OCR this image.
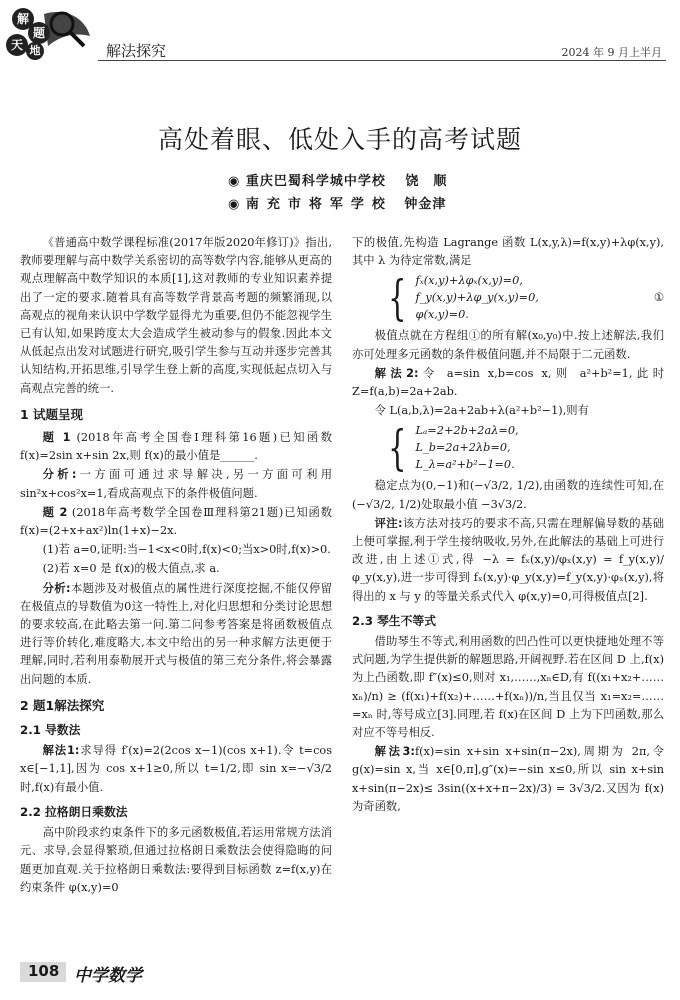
解
题
天 地	解法探究	2024 年 9 月上半月
高处着眼、低处入手的高考试题
◉ 重庆巴蜀科学城中学校 饶　顺
◉ 南充市将军学校 钟金津

《普通高中数学课程标准(2017年版2020年修订)》指出,教师要理解与高中数学关系密切的高等数学内容,能够从更高的观点理解高中数学知识的本质[1],这对教师的专业知识素养提出了一定的要求.随着具有高等数学背景高考题的频繁涌现,以高观点的视角来认识中学数学显得尤为重要,但仍不能忽视学生已有认知,如果跨度太大会造成学生被动参与的假象.因此本文从低起点出发对试题进行研究,吸引学生参与互动并逐步完善其认知结构,开拓思维,引导学生登上新的高度,实现低起点切入与高观点完善的统一.

1 试题呈现

题 1 (2018年高考全国卷Ⅰ理科第16题)已知函数 f(x)=2sin x+sin 2x,则 f(x)的最小值是______.

分析:一方面可通过求导解决,另一方面可利用 sin²x+cos²x=1,看成高观点下的条件极值问题.

题 2 (2018年高考数学全国卷Ⅲ理科第21题)已知函数 f(x)=(2+x+ax²)ln(1+x)−2x.

(1)若 a=0,证明:当−1<x<0时,f(x)<0;当x>0时,f(x)>0.

(2)若 x=0 是 f(x)的极大值点,求 a.

分析:本题涉及对极值点的属性进行深度挖掘,不能仅停留在极值点的导数值为0这一特性上,对化归思想和分类讨论思想的要求较高,在此略去第一问.第二问参考答案是将函数极值点进行等价转化,难度略大,本文中给出的另一种求解方法更便于理解,同时,若利用泰勒展开式与极值的第三充分条件,将会暴露出问题的本质.

2 题1解法探究
2.1 导数法

解法1:求导得 f′(x)=2(2cos x−1)(cos x+1).令 t=cos x∈[−1,1],因为 cos x+1≥0,所以 t=1/2,即 sin x=−√3/2 时,f(x)有最小值.

2.2 拉格朗日乘数法

高中阶段求约束条件下的多元函数极值,若运用常规方法消元、求导,会显得繁琐,但通过拉格朗日乘数法会使得隐晦的问题更加直观.关于拉格朗日乘数法:要得到目标函数 z=f(x,y)在约束条件 φ(x,y)=0

下的极值,先构造 Lagrange 函数 L(x,y,λ)=f(x,y)+λφ(x,y),其中 λ 为待定常数,满足

{ fₓ(x,y)+λφₓ(x,y)=0,
f_y(x,y)+λφ_y(x,y)=0,
φ(x,y)=0.
①

极值点就在方程组①的所有解(x₀,y₀)中.按上述解法,我们亦可处理多元函数的条件极值问题,并不局限于二元函数.

解法2:令 a=sin x,b=cos x,则 a²+b²=1,此时 Z=f(a,b)=2a+2ab.

令 L(a,b,λ)=2a+2ab+λ(a²+b²−1),则有

{ Lₐ=2+2b+2aλ=0,
L_b=2a+2λb=0,
L_λ=a²+b²−1=0.

稳定点为(0,−1)和(−√3/2, 1/2),由函数的连续性可知,在(−√3/2, 1/2)处取最小值 −3√3/2.

评注:该方法对技巧的要求不高,只需在理解偏导数的基础上便可掌握,利于学生接纳吸收,另外,在此解法的基础上可进行改进,由上述①式,得 −λ = fₓ(x,y)/φₓ(x,y) = f_y(x,y)/φ_y(x,y),进一步可得到 fₓ(x,y)·φ_y(x,y)=f_y(x,y)·φₓ(x,y),将得出的 x 与 y 的等量关系式代入 φ(x,y)=0,可得极值点[2].

2.3 琴生不等式

借助琴生不等式,利用函数的凹凸性可以更快捷地处理不等式问题,为学生提供新的解题思路,开阔视野.若在区间 D 上,f(x)为上凸函数,即 f″(x)≤0,则对 x₁,……,xₙ∈D,有 f((x₁+x₂+……xₙ)/n) ≥ (f(x₁)+f(x₂)+……+f(xₙ))/n,当且仅当 x₁=x₂=……=xₙ 时,等号成立[3].同理,若 f(x)在区间 D 上为下凹函数,那么对应不等号相反.

解法3:f(x)=sin x+sin x+sin(π−2x),周期为 2π,令 g(x)=sin x,当 x∈[0,π],g″(x)=−sin x≤0,所以 sin x+sin x+sin(π−2x)≤ 3sin((x+x+π−2x)/3) = 3√3/2.又因为 f(x)为奇函数,

108 中学数学
